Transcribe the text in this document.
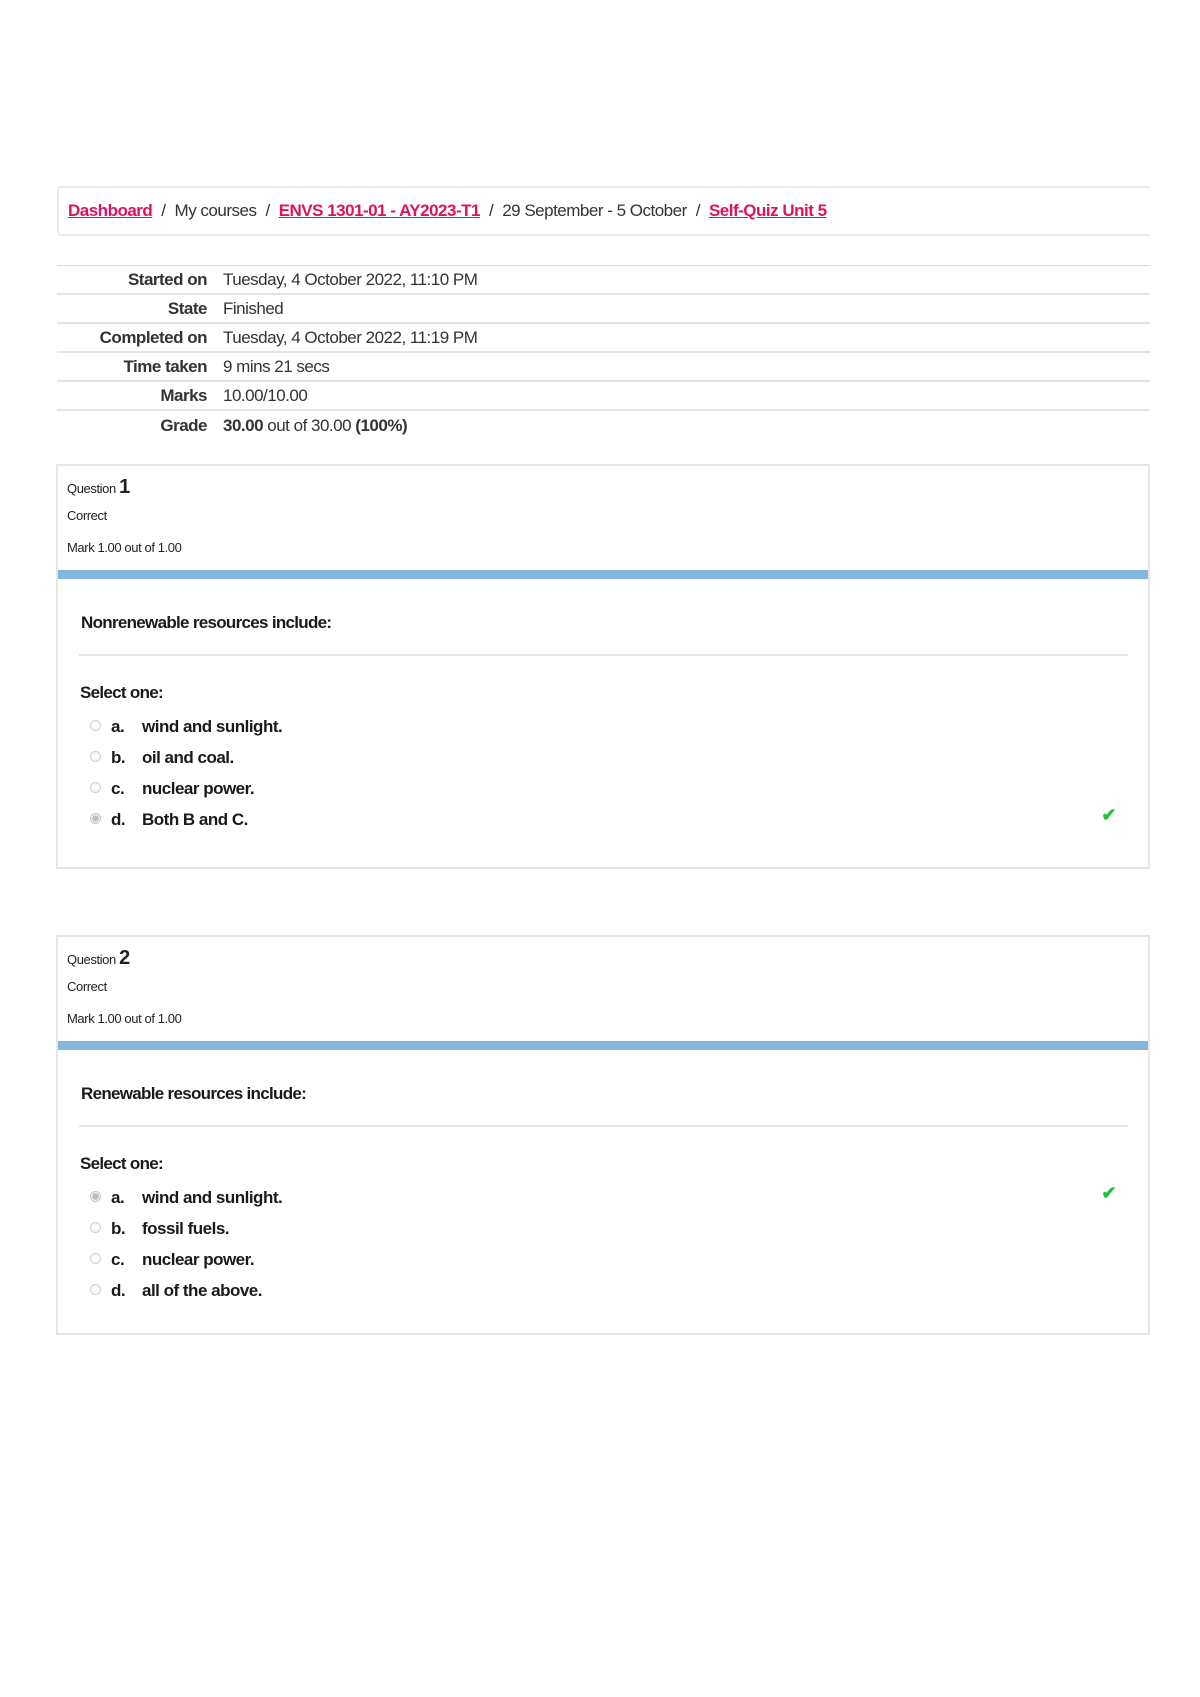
Dashboard / My courses / ENVS 1301-01 - AY2023-T1 / 29 September - 5 October / Self-Quiz Unit 5
Started on Tuesday, 4 October 2022, 11:10 PM
State Finished
Completed on Tuesday, 4 October 2022, 11:19 PM
Time taken 9 mins 21 secs
Marks 10.00/10.00
Grade 30.00 out of 30.00 (100%)
Question 1
Correct
Mark 1.00 out of 1.00
Nonrenewable resources include:
Select one:
a.	wind and sunlight.
b. oil and coal.
c.	nuclear power.
d. Both B and C.	✔
Question 2
Correct
Mark 1.00 out of 1.00
Renewable resources include:
Select one:
a.	wind and sunlight.	✔
b. fossil fuels.
c.	nuclear power.
d. all of the above.
